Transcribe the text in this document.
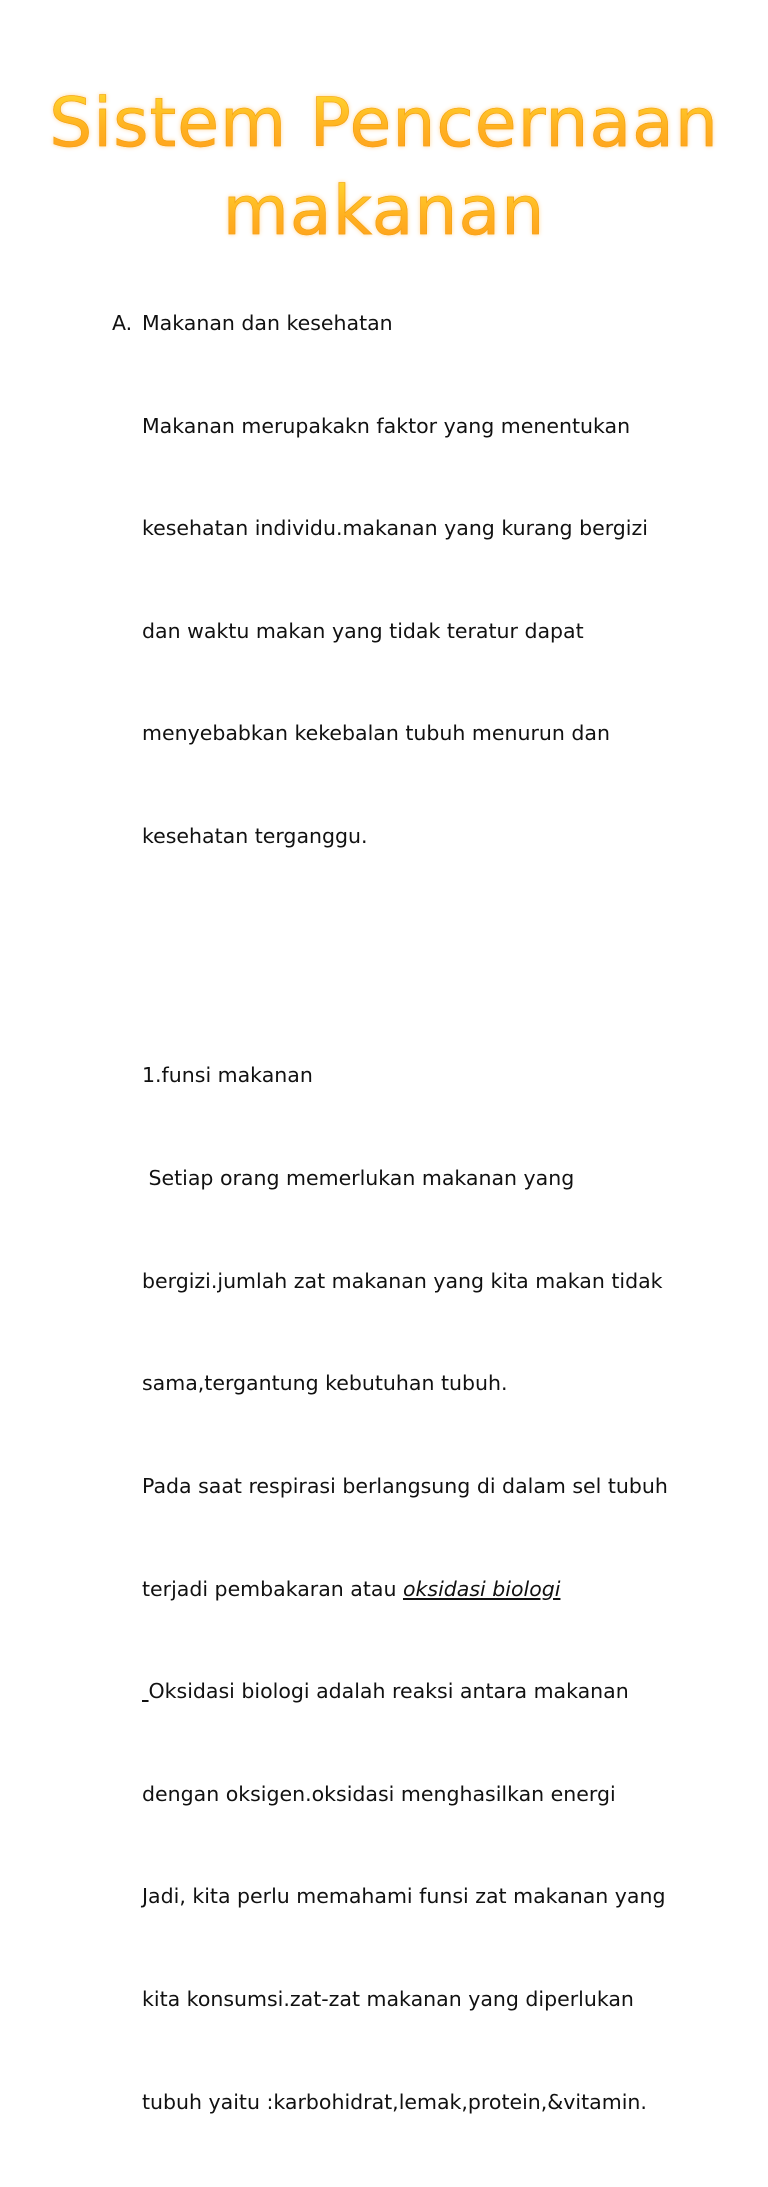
Sistem Pencernaan
makanan
A. Makanan dan kesehatan

Makanan merupakakn faktor yang menentukan

kesehatan individu.makanan yang kurang bergizi

dan waktu makan yang tidak teratur dapat

menyebabkan kekebalan tubuh menurun dan

kesehatan terganggu.

1.funsi makanan

Setiap orang memerlukan makanan yang

bergizi.jumlah zat makanan yang kita makan tidak

sama,tergantung kebutuhan tubuh.

Pada saat respirasi berlangsung di dalam sel tubuh

terjadi pembakaran atau oksidasi biologi

Oksidasi biologi adalah reaksi antara makanan

dengan oksigen.oksidasi menghasilkan energi

Jadi, kita perlu memahami funsi zat makanan yang

kita konsumsi.zat-zat makanan yang diperlukan

tubuh yaitu :karbohidrat,lemak,protein,&vitamin.
